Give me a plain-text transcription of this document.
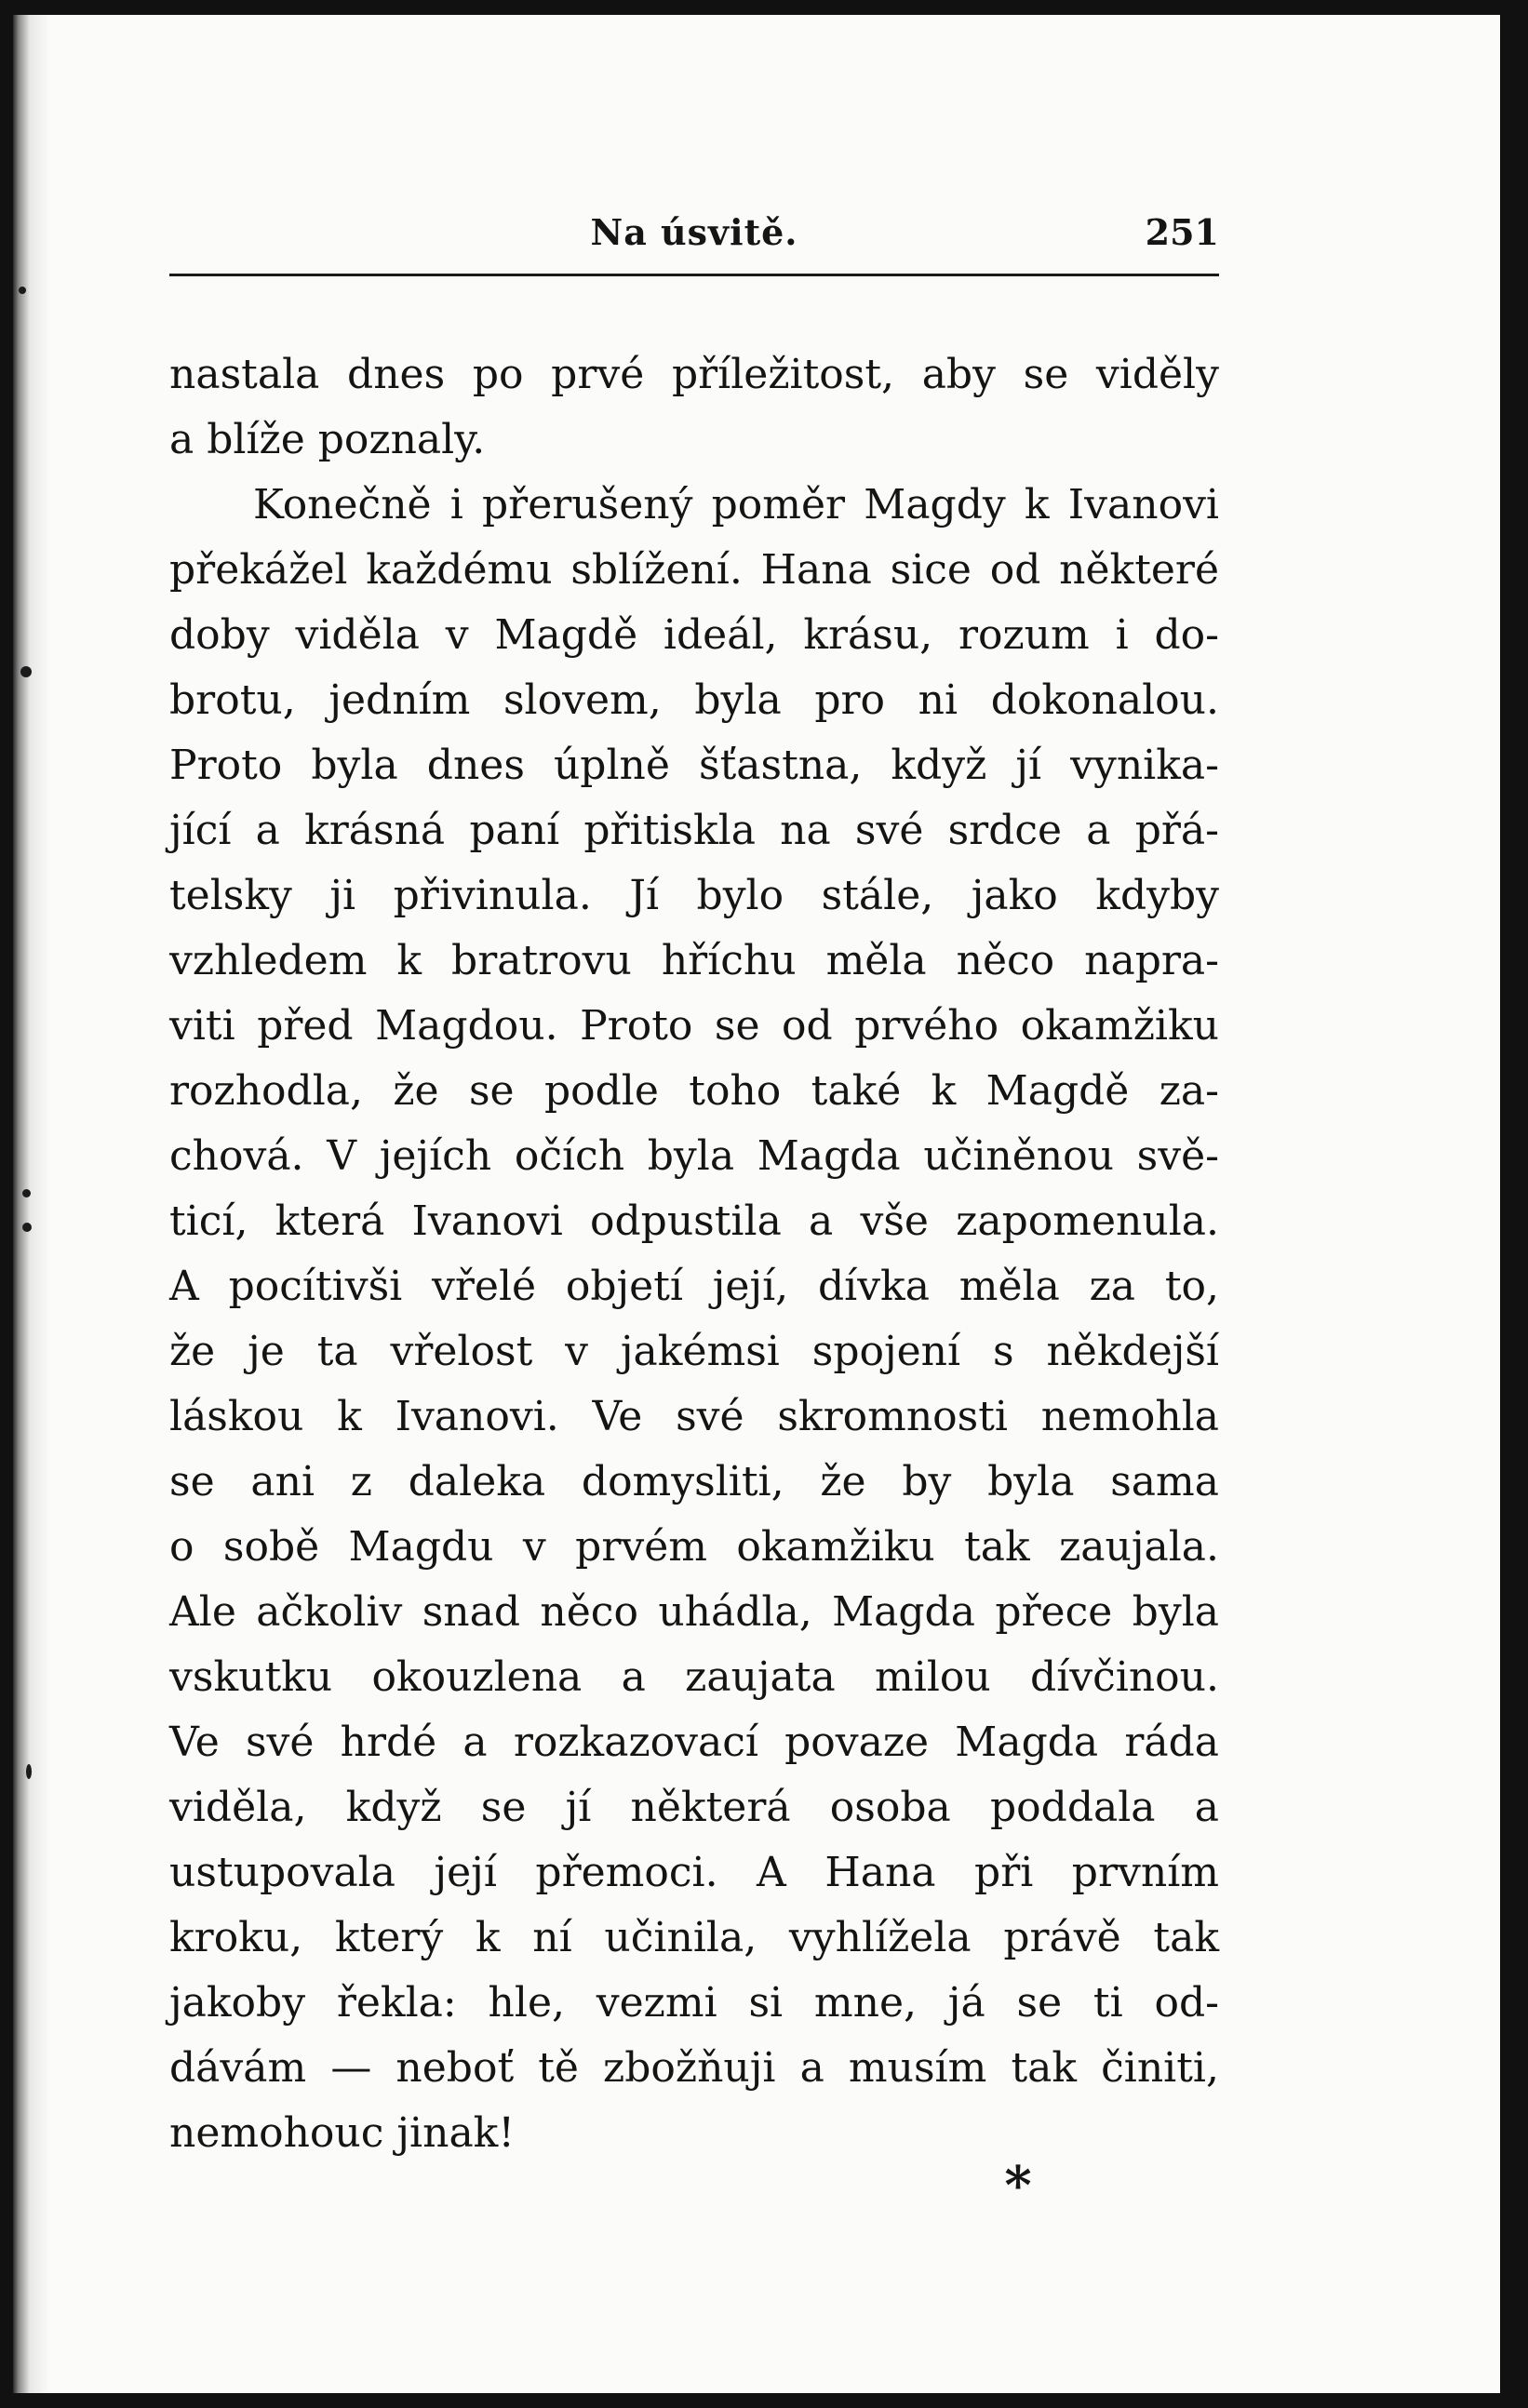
Na úsvitě.	251
nastala dnes po prvé příležitost, aby se viděly
a blíže poznaly.
Konečně i přerušený poměr Magdy k Ivanovi
překážel každému sblížení. Hana sice od některé
doby viděla v Magdě ideál, krásu, rozum i do-
brotu, jedním slovem, byla pro ni dokonalou.
Proto byla dnes úplně šťastna, když jí vynika-
jící a krásná paní přitiskla na své srdce a přá-
telsky ji přivinula. Jí bylo stále, jako kdyby
vzhledem k bratrovu hříchu měla něco napra-
viti před Magdou. Proto se od prvého okamžiku
rozhodla, že se podle toho také k Magdě za-
chová. V jejích očích byla Magda učiněnou svě-
ticí, která Ivanovi odpustila a vše zapomenula.
A pocítivši vřelé objetí její, dívka měla za to,
že je ta vřelost v jakémsi spojení s někdejší
láskou k Ivanovi. Ve své skromnosti nemohla
se ani z daleka domysliti, že by byla sama
o sobě Magdu v prvém okamžiku tak zaujala.
Ale ačkoliv snad něco uhádla, Magda přece byla
vskutku okouzlena a zaujata milou dívčinou.
Ve své hrdé a rozkazovací povaze Magda ráda
viděla, když se jí některá osoba poddala a
ustupovala její přemoci. A Hana při prvním
kroku, který k ní učinila, vyhlížela právě tak
jakoby řekla: hle, vezmi si mne, já se ti od-
dávám — neboť tě zbožňuji a musím tak činiti,
nemohouc jinak!
*
